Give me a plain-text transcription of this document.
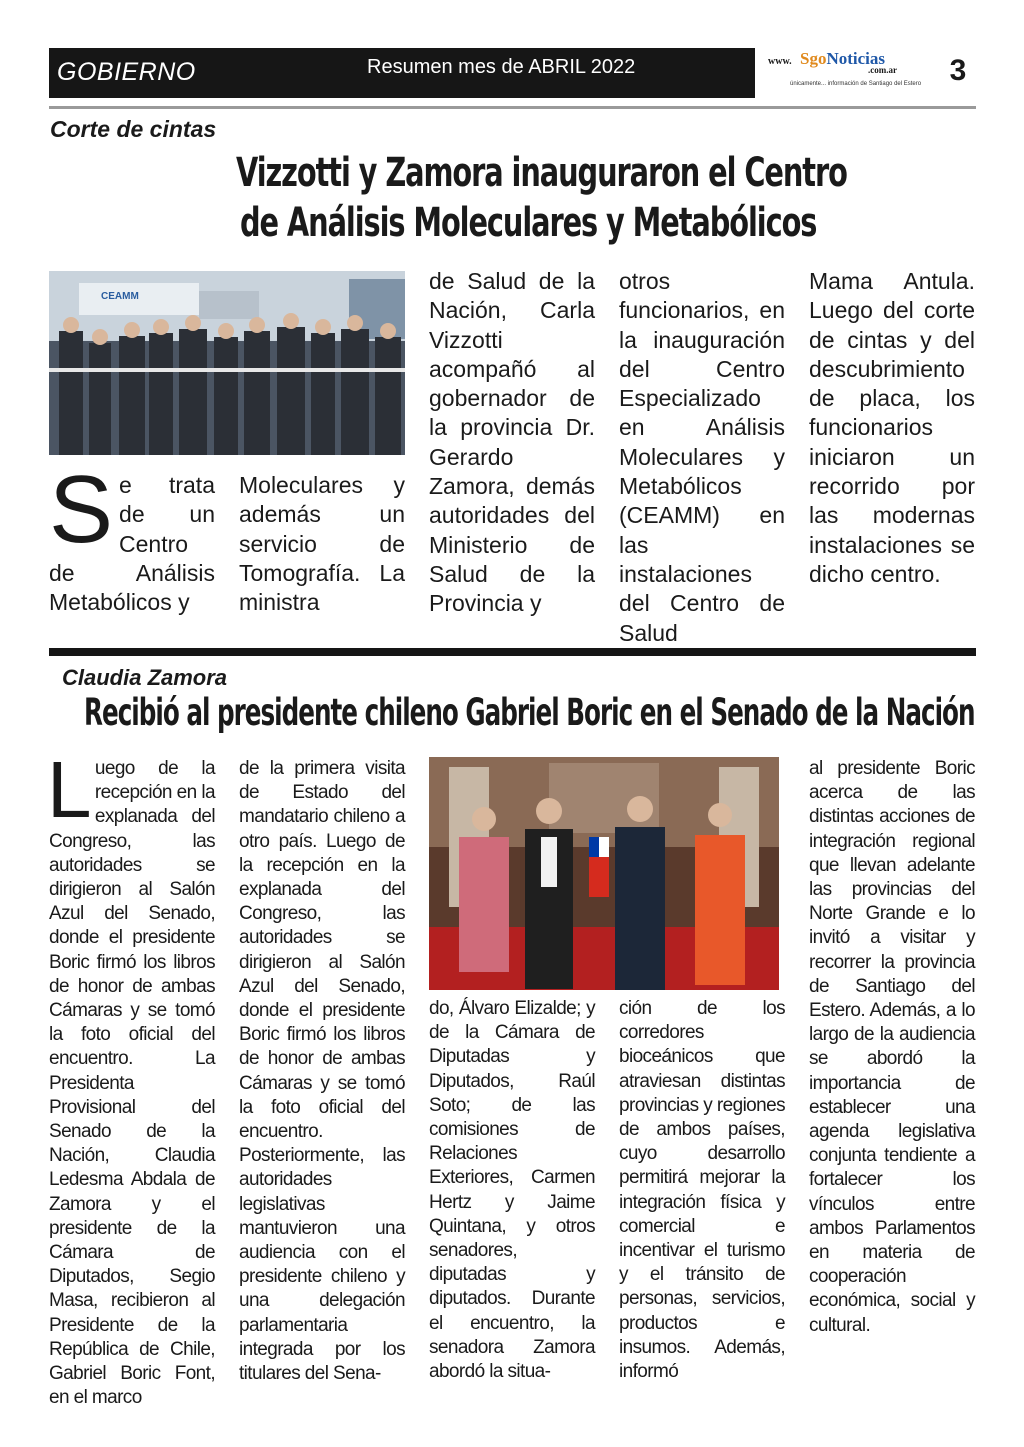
GOBIERNO	Resumen mes de ABRIL 2022	www. SgoNoticias
.com.ar
únicamente... información de Santiago del Estero 3
Corte de cintas
Vizzotti y Zamora inauguraron el Centro
de Análisis Moleculares y Metabólicos
CEAMM
S e trata de un Centro de Análisis Metabólicos y
Moleculares y además un servicio de Tomografía. La ministra
de Salud de la Nación, Carla Vizzotti acompañó al gobernador de la provincia Dr. Gerardo Zamora, demás autoridades del Ministerio de Salud de la Provincia y
otros funcionarios, en la inauguración del Centro Especializado en Análisis Moleculares y Metabólicos (CEAMM) en las instalaciones del Centro de Salud
Mama Antula. Luego del corte de cintas y del descubrimiento de placa, los funcionarios iniciaron un recorrido por las modernas instalaciones se dicho centro.
Claudia Zamora
Recibió al presidente chileno Gabriel Boric en el Senado de la Nación
L uego de la recepción en la explanada del Congreso, las autoridades se dirigieron al Salón Azul del Senado, donde el presidente Boric firmó los libros de honor de ambas Cámaras y se tomó la foto oficial del encuentro. La Presidenta Provisional del Senado de la Nación, Claudia Ledesma Abdala de Zamora y el presidente de la Cámara de Diputados, Segio Masa, recibieron al Presidente de la República de Chile, Gabriel Boric Font, en el marco
de la primera visita de Estado del mandatario chileno a otro país. Luego de la recepción en la explanada del Congreso, las autoridades se dirigieron al Salón Azul del Senado, donde el presidente Boric firmó los libros de honor de ambas Cámaras y se tomó la foto oficial del encuentro. Posteriormente, las autoridades legislativas mantuvieron una audiencia con el presidente chileno y una delegación parlamentaria integrada por los titulares del Sena-
do, Álvaro Elizalde; y de la Cámara de Diputadas y Diputados, Raúl Soto; de las comisiones de Relaciones Exteriores, Carmen Hertz y Jaime Quintana, y otros senadores, diputadas y diputados. Durante el encuentro, la senadora Zamora abordó la situa-
ción de los corredores bioceánicos que atraviesan distintas provincias y regiones de ambos países, cuyo desarrollo permitirá mejorar la integración física y comercial e incentivar el turismo y el tránsito de personas, servicios, productos e insumos. Además, informó
al presidente Boric acerca de las distintas acciones de integración regional que llevan adelante las provincias del Norte Grande e lo invitó a visitar y recorrer la provincia de Santiago del Estero. Además, a lo largo de la audiencia se abordó la importancia de establecer una agenda legislativa conjunta tendiente a fortalecer los vínculos entre ambos Parlamentos en materia de cooperación económica, social y cultural.
